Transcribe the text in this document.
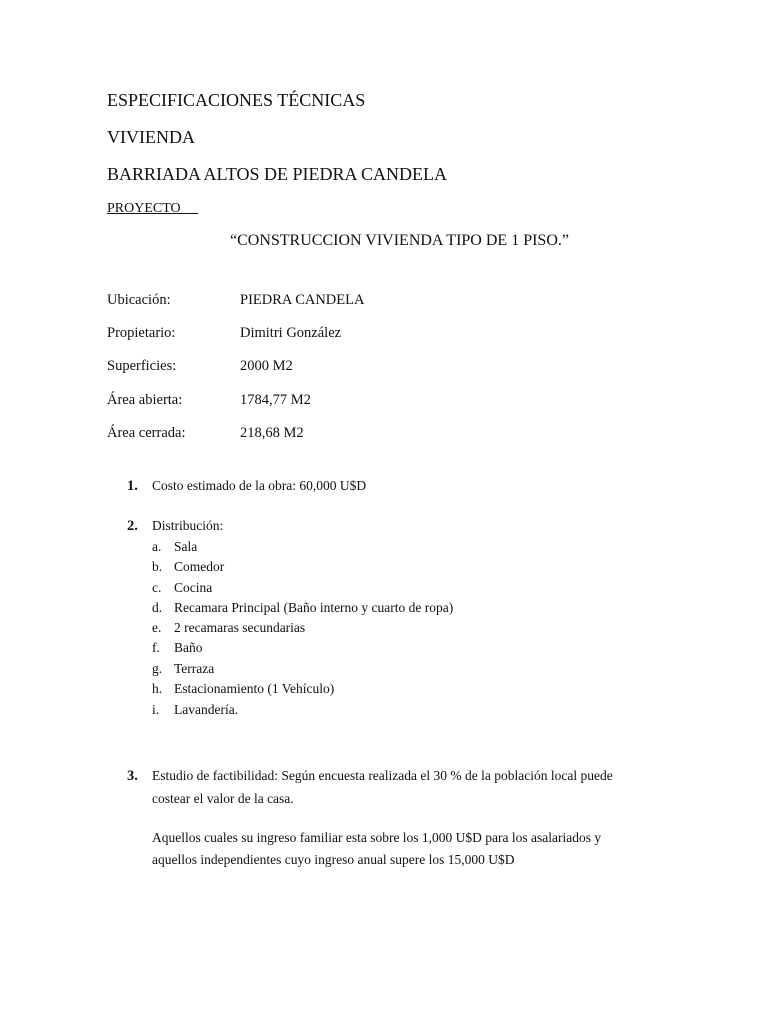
ESPECIFICACIONES TÉCNICAS
VIVIENDA
BARRIADA ALTOS DE PIEDRA CANDELA
PROYECTO
“CONSTRUCCION VIVIENDA TIPO DE 1 PISO.”
Ubicación:	PIEDRA CANDELA
Propietario:	Dimitri González
Superficies:	2000 M2
Área abierta:	1784,77 M2
Área cerrada:	218,68 M2
1. Costo estimado de la obra: 60,000 U$D
2. Distribución:
a. Sala
b. Comedor
c. Cocina
d. Recamara Principal (Baño interno y cuarto de ropa)
e. 2 recamaras secundarias
f. Baño
g. Terraza
h. Estacionamiento (1 Vehículo)
i. Lavandería.
3. Estudio de factibilidad: Según encuesta realizada el 30 % de la población local puede
costear el valor de la casa.
Aquellos cuales su ingreso familiar esta sobre los 1,000 U$D para los asalariados y
aquellos independientes cuyo ingreso anual supere los 15,000 U$D
